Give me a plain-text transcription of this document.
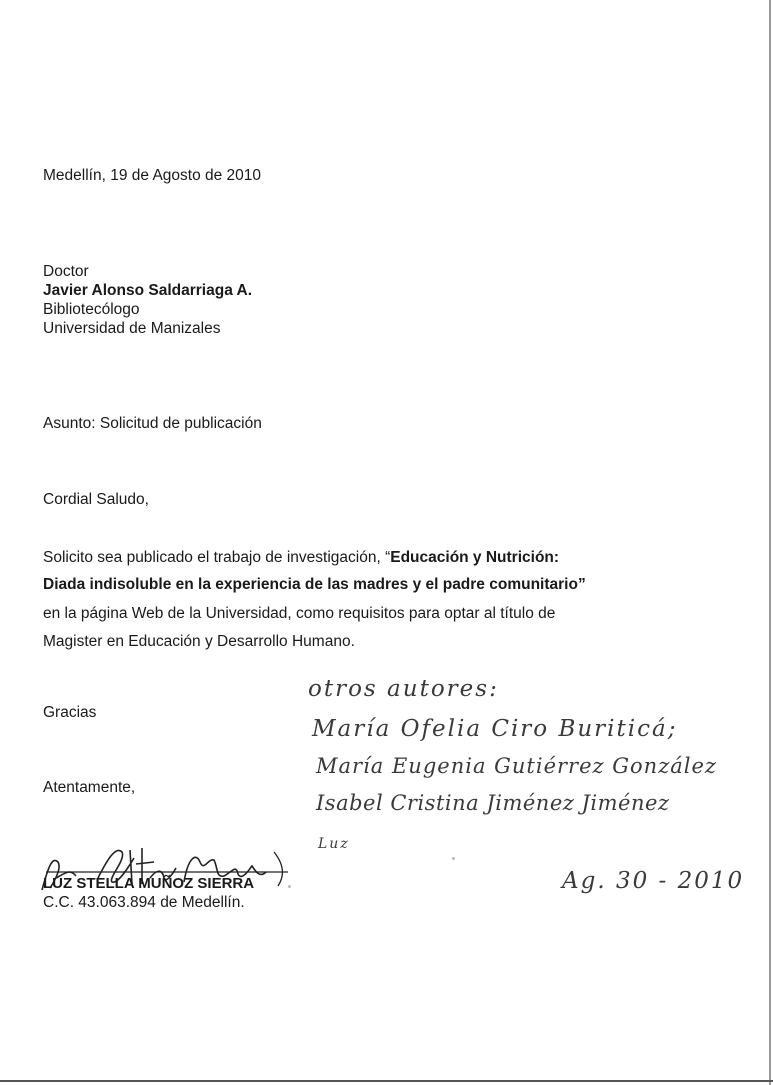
Medellín, 19 de Agosto de 2010
Doctor
Javier Alonso Saldarriaga A.
Bibliotecólogo
Universidad de Manizales
Asunto: Solicitud de publicación
Cordial Saludo,
Solicito sea publicado el trabajo de investigación, “Educación y Nutrición:
Diada indisoluble en la experiencia de las madres y el padre comunitario”
en la página Web de la Universidad, como requisitos para optar al título de
Magister en Educación y Desarrollo Humano.
Gracias
Atentamente,
LUZ STELLA MUÑOZ SIERRA
C.C. 43.063.894 de Medellín.
otros autores:
María Ofelia Ciro Buriticá;
María Eugenia Gutiérrez González
Isabel Cristina Jiménez Jiménez
Luz
Ag. 30 - 2010
